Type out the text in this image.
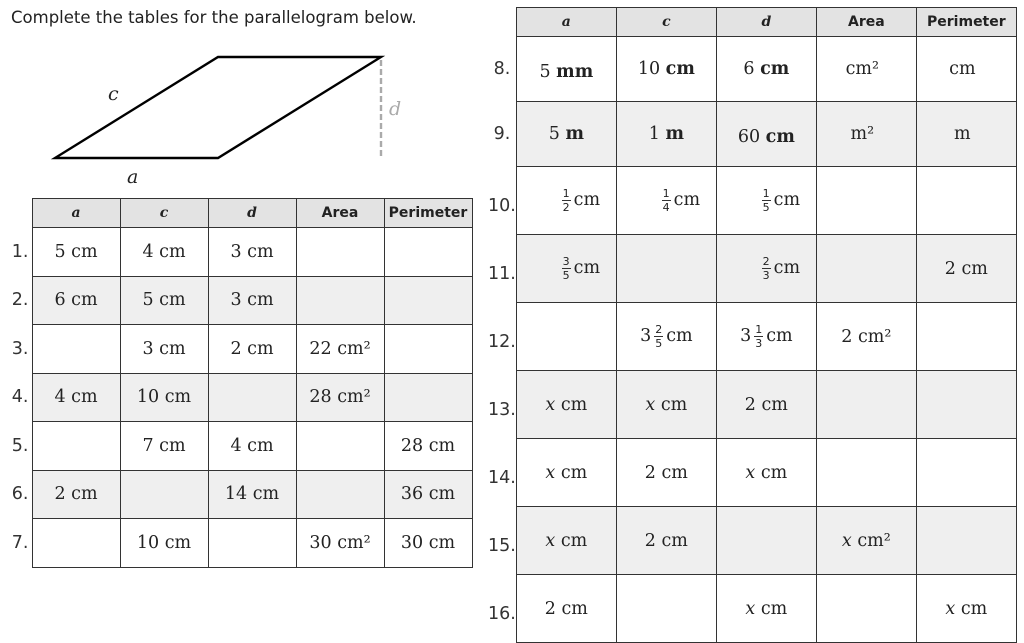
Complete the tables for the parallelogram below.

c
d
a
	a	c	d	Area	Perimeter
1.	5 cm	4 cm	3 cm		
2.	6 cm	5 cm	3 cm		
3.		3 cm	2 cm	22 cm²	
4.	4 cm	10 cm		28 cm²	
5.		7 cm	4 cm		28 cm
6.	2 cm		14 cm		36 cm
7.		10 cm		30 cm²	30 cm
	a	c	d	Area	Perimeter
8.	5 mm	10 cm	6 cm	cm²	cm
9.	5 m	1 m	60 cm	m²	m
10.	$\frac{1}{2}$ cm	$\frac{1}{4}$ cm	$\frac{1}{5}$ cm		
11.	$\frac{3}{5}$ cm		$\frac{2}{3}$ cm		2 cm
12.		$3 \frac{2}{5}$ cm	$3 \frac{1}{3}$ cm	2 cm²	
13.	x cm	x cm	2 cm		
14.	x cm	2 cm	x cm		
15.	x cm	2 cm		x cm²	
16.	2 cm		x cm		x cm
